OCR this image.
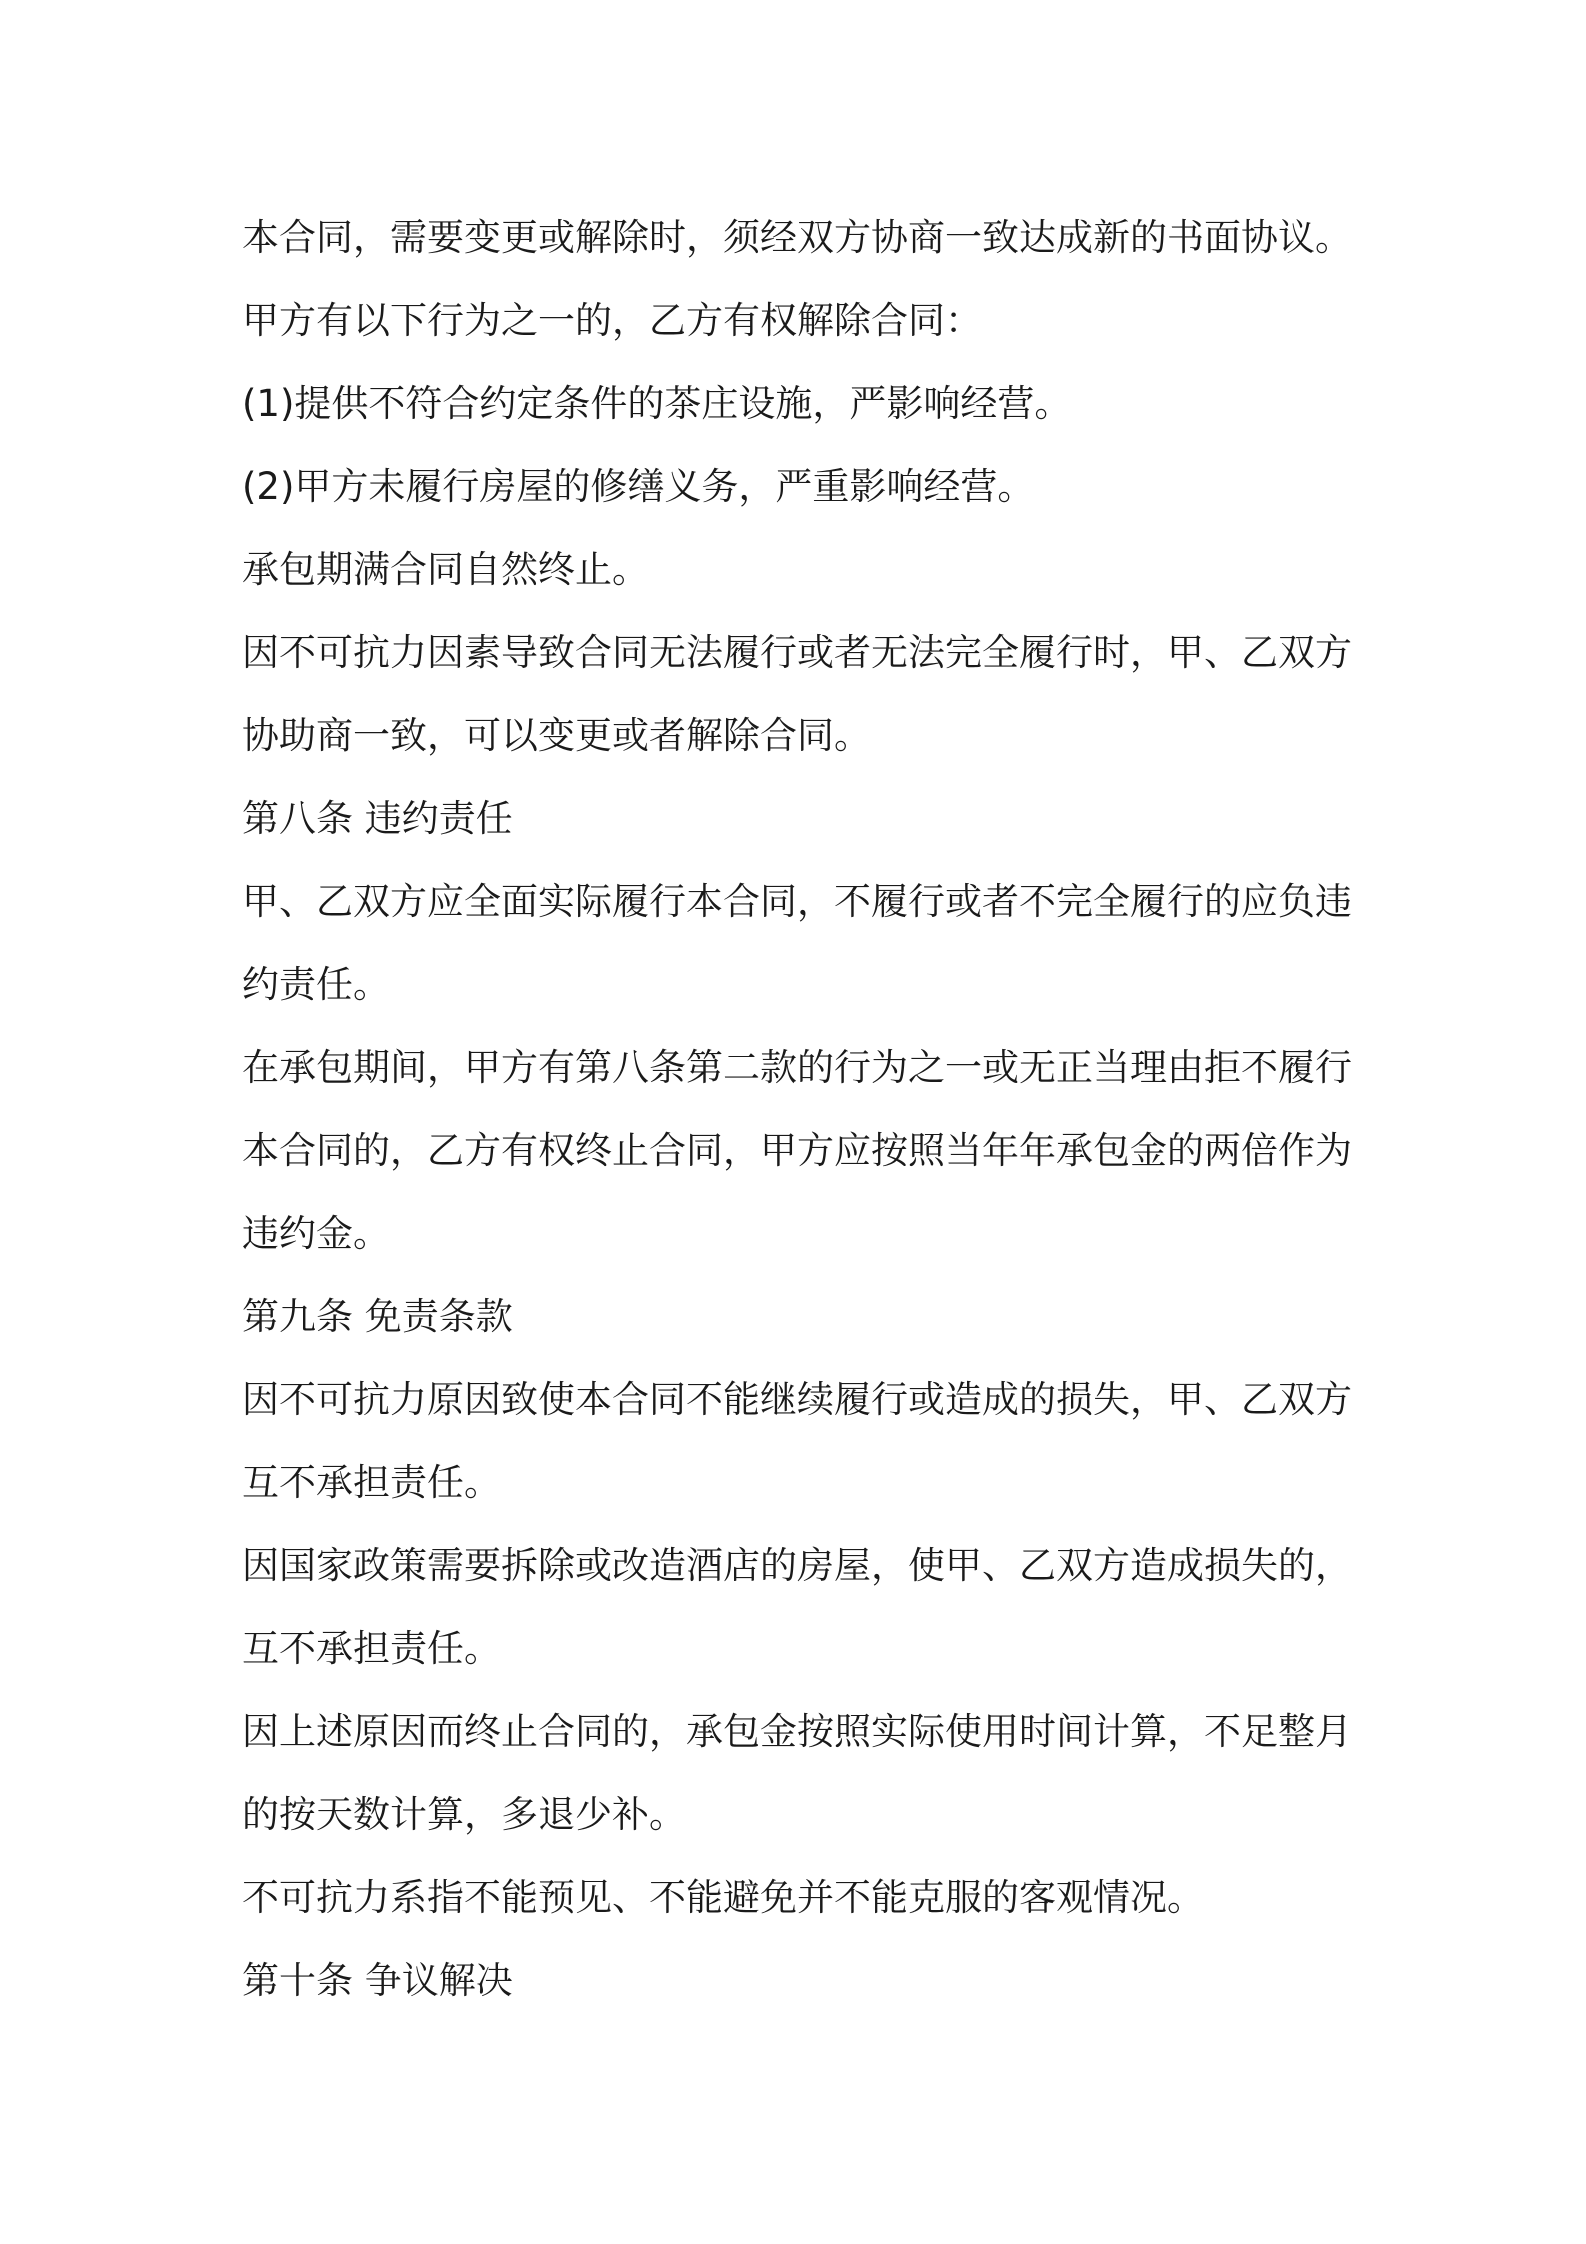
本合同，需要变更或解除时，须经双方协商一致达成新的书面协议。
甲方有以下行为之一的，乙方有权解除合同：
(1)提供不符合约定条件的茶庄设施，严影响经营。
(2)甲方未履行房屋的修缮义务，严重影响经营。
承包期满合同自然终止。
因不可抗力因素导致合同无法履行或者无法完全履行时，甲、乙双方
协助商一致，可以变更或者解除合同。
第八条 违约责任
甲、乙双方应全面实际履行本合同，不履行或者不完全履行的应负违
约责任。
在承包期间，甲方有第八条第二款的行为之一或无正当理由拒不履行
本合同的，乙方有权终止合同，甲方应按照当年年承包金的两倍作为
违约金。
第九条 免责条款
因不可抗力原因致使本合同不能继续履行或造成的损失，甲、乙双方
互不承担责任。
因国家政策需要拆除或改造酒店的房屋，使甲、乙双方造成损失的，
互不承担责任。
因上述原因而终止合同的，承包金按照实际使用时间计算，不足整月
的按天数计算，多退少补。
不可抗力系指不能预见、不能避免并不能克服的客观情况。
第十条 争议解决
